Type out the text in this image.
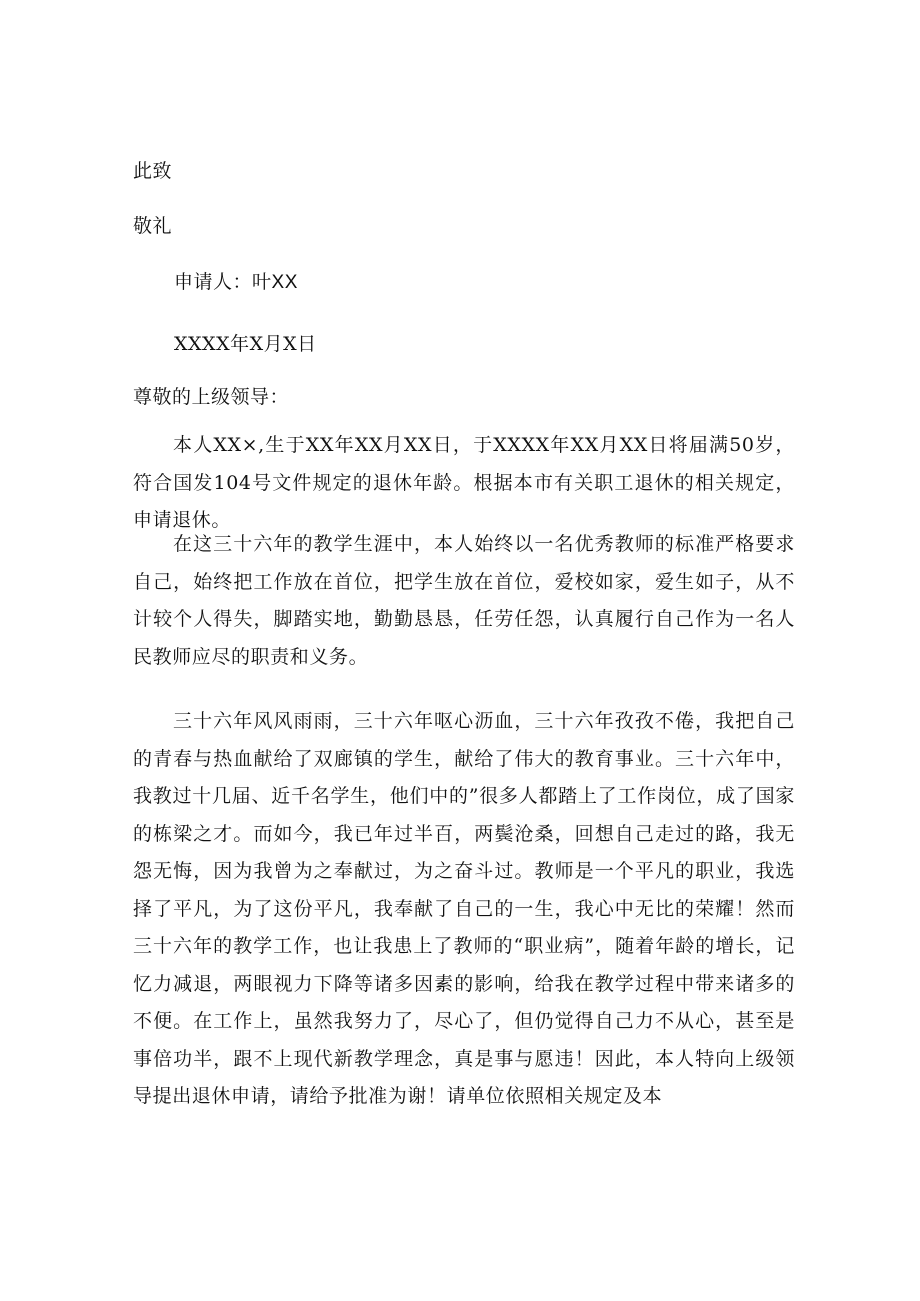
此致
敬礼
申请人：叶XX
XXXX年X月X日
尊敬的上级领导：

本人XX×,生于XX年XX月XX日，于XXXX年XX月XX日将届满50岁，符合国发104号文件规定的退休年龄。根据本市有关职工退休的相关规定，申请退休。

在这三十六年的教学生涯中，本人始终以一名优秀教师的标准严格要求自己，始终把工作放在首位，把学生放在首位，爱校如家，爱生如子，从不计较个人得失，脚踏实地，勤勤恳恳，任劳任怨，认真履行自己作为一名人民教师应尽的职责和义务。

三十六年风风雨雨，三十六年呕心沥血，三十六年孜孜不倦，我把自己的青春与热血献给了双廊镇的学生，献给了伟大的教育事业。三十六年中，我教过十几届、近千名学生，他们中的”很多人都踏上了工作岗位，成了国家的栋梁之才。而如今，我已年过半百，两鬓沧桑，回想自己走过的路，我无怨无悔，因为我曾为之奉献过，为之奋斗过。教师是一个平凡的职业，我选择了平凡，为了这份平凡，我奉献了自己的一生，我心中无比的荣耀！然而三十六年的教学工作，也让我患上了教师的“职业病”，随着年龄的增长，记忆力减退，两眼视力下降等诸多因素的影响，给我在教学过程中带来诸多的不便。在工作上，虽然我努力了，尽心了，但仍觉得自己力不从心，甚至是事倍功半，跟不上现代新教学理念，真是事与愿违！因此，本人特向上级领导提出退休申请，请给予批准为谢！请单位依照相关规定及本
